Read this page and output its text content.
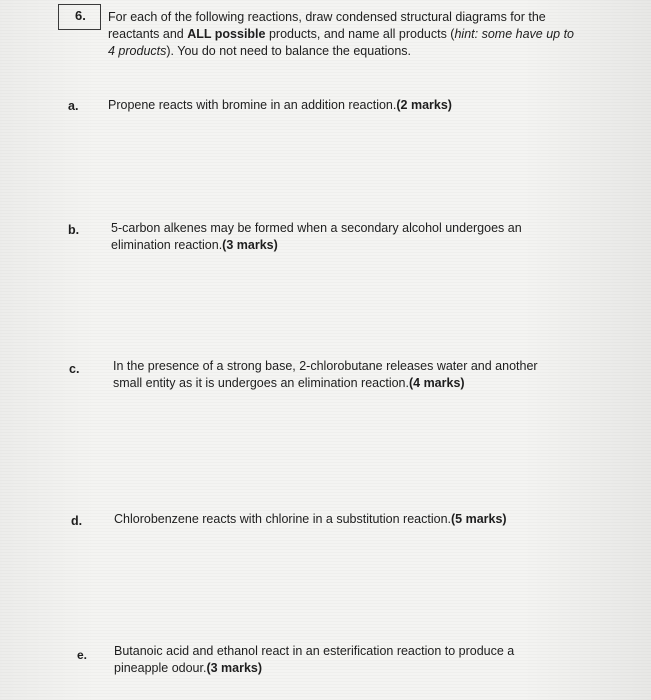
6. For each of the following reactions, draw condensed structural diagrams for the reactants and ALL possible products, and name all products (hint: some have up to 4 products). You do not need to balance the equations.
a. Propene reacts with bromine in an addition reaction.(2 marks)
b.	5-carbon alkenes may be formed when a secondary alcohol undergoes an elimination reaction.(3 marks)
c.	In the presence of a strong base, 2-chlorobutane releases water and another small entity as it is undergoes an elimination reaction.(4 marks)
d.	Chlorobenzene reacts with chlorine in a substitution reaction.(5 marks)
e. Butanoic acid and ethanol react in an esterification reaction to produce a pineapple odour.(3 marks)
